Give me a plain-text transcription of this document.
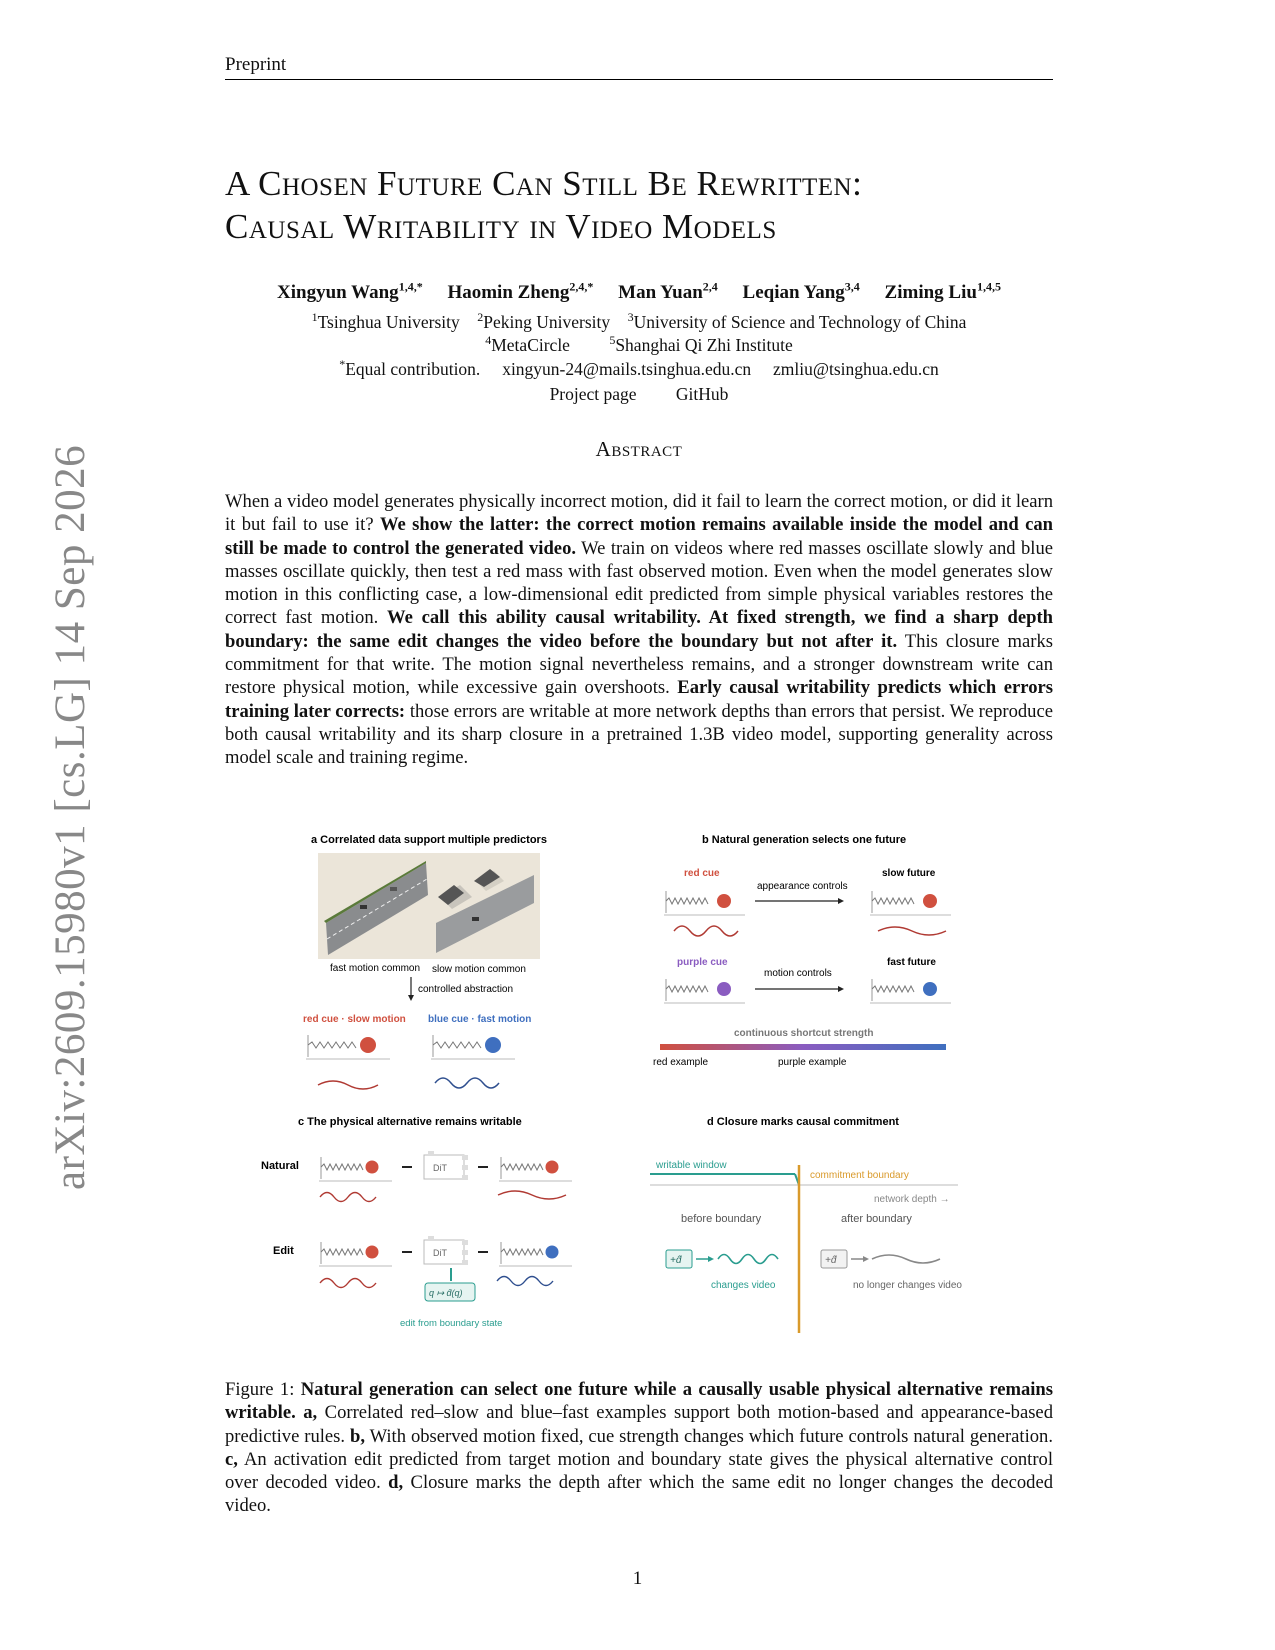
Preprint
A Chosen Future Can Still Be Rewritten:
Causal Writability in Video Models
Xingyun Wang$^{1,4,*}$ Haomin Zheng$^{2,4,*}$ Man Yuan$^{2,4}$ Leqian Yang$^{3,4}$ Ziming Liu$^{1,4,5}$
$^1$Tsinghua University $^2$Peking University $^3$University of Science and Technology of China
$^4$MetaCircle	$^5$Shanghai Qi Zhi Institute
*Equal contribution. xingyun-24@mails.tsinghua.edu.cn zmliu@tsinghua.edu.cn
Project page GitHub
Abstract
When a video model generates physically incorrect motion, did it fail to learn the correct motion, or did it learn it but fail to use it? We show the latter: the correct motion remains available inside the model and can still be made to control the generated video. We train on videos where red masses oscillate slowly and blue masses oscillate quickly, then test a red mass with fast observed motion. Even when the model generates slow motion in this conflicting case, a low-dimensional edit predicted from simple physical variables restores the correct fast motion. We call this ability causal writability. At fixed strength, we find a sharp depth boundary: the same edit changes the video before the boundary but not after it. This closure marks commitment for that write. The motion signal nevertheless remains, and a stronger downstream write can restore physical motion, while excessive gain overshoots. Early causal writability predicts which errors training later corrects: those errors are writable at more network depths than errors that persist. We reproduce both causal writability and its sharp closure in a pretrained 1.3B video model, supporting generality across model scale and training regime.
arXiv:2609.15980v1 [cs.LG] 14 Sep 2026	a Correlated data support multiple predictors
fast motion common slow motion common
controlled abstraction
red cue · slow motion blue cue · fast motion
b Natural generation selects one future
red cue
appearance controls
slow future
purple cue
motion controls
fast future
continuous shortcut strength
red example	purple example
c The physical alternative remains writable
Natural
Edit
DiT
DiT
q ↦ d̂(q)
edit from boundary state
d Closure marks causal commitment
writable window
commitment boundary
network depth →
before boundary	after boundary
+d̂
changes video
+d̂
no longer changes video
Figure 1: Natural generation can select one future while a causally usable physical alternative remains writable. a, Correlated red–slow and blue–fast examples support both motion-based and appearance-based predictive rules. b, With observed motion fixed, cue strength changes which future controls natural generation. c, An activation edit predicted from target motion and boundary state gives the physical alternative control over decoded video. d, Closure marks the depth after which the same edit no longer changes the decoded video.
1
